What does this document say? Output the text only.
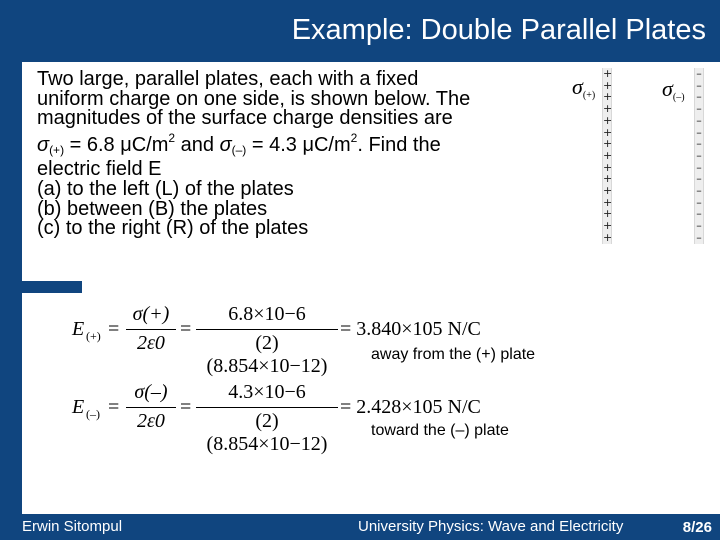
Example: Double Parallel Plates

Two large, parallel plates, each with a fixed

uniform charge on one side, is shown below. The

magnitudes of the surface charge densities are

$\sigma_{(+)} = 6.8$ $\mu C/m^2$ and $\sigma_{(-)} = 4.3$ $\mu C/m^2$. Find the

electric field E

(a) to the left (L) of the plates

(b) between (B) the plates

(c) to the right (R) of the plates

σ(+)
+ + + + + + + + + + + + + + +
σ(–)
– – – – – – – – – – – – – – –
E (+) = $\frac{\sigma(+)}{2\varepsilon 0} = \frac{6.8\times 10-6}{(2)(8.854\times 10-12)} = 3.840\times 105$ N/C
away from the (+) plate
E (–) = $\frac{\sigma(-)}{2\varepsilon 0} = \frac{4.3\times 10-6}{(2)(8.854\times 10-12)} = 2.428\times 105$ N/C
toward the (–) plate
Erwin Sitompul	University Physics: Wave and Electricity	8/26
